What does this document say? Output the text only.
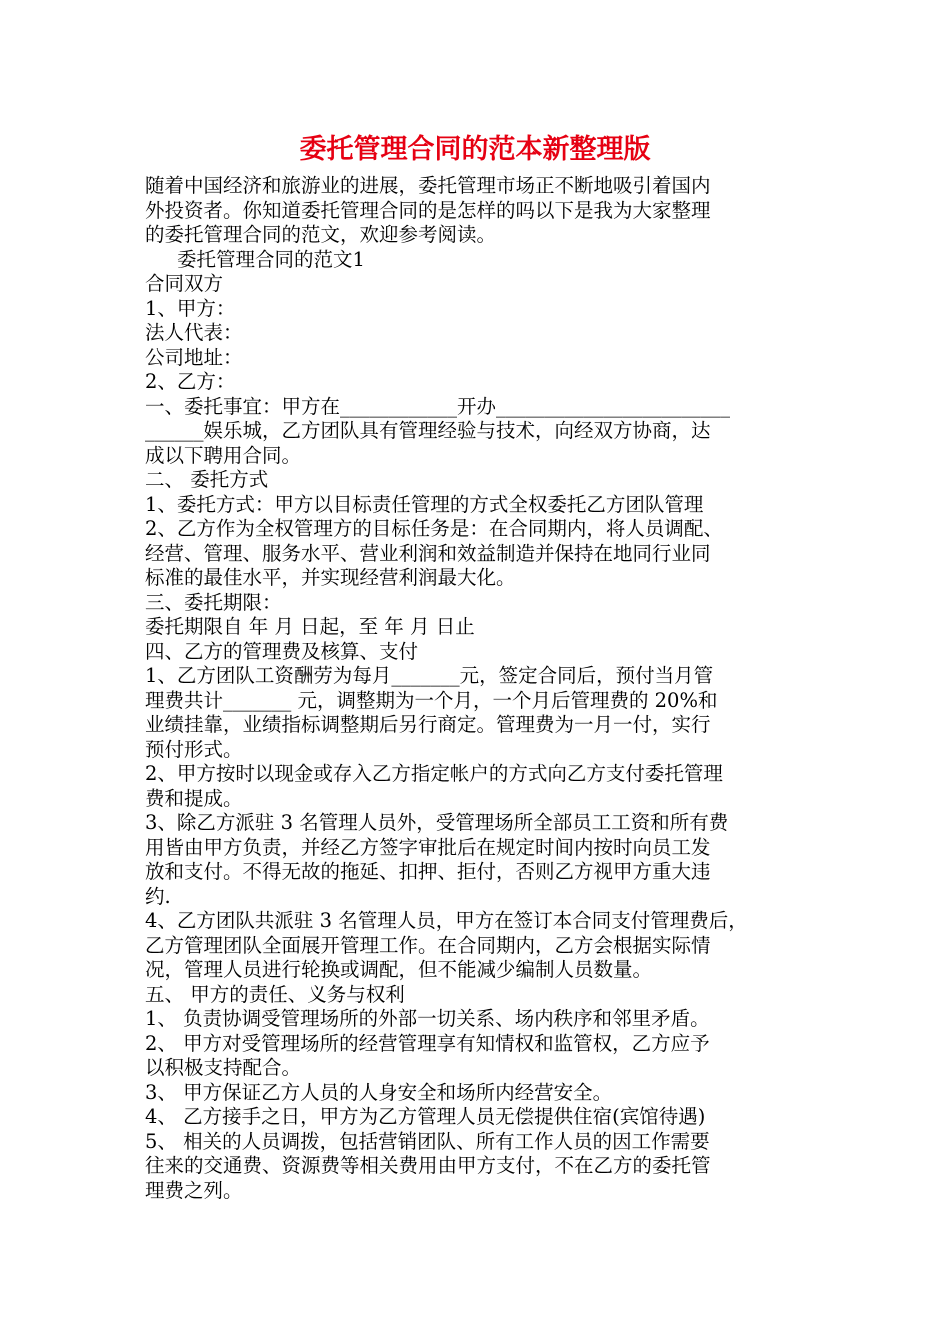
委托管理合同的范本新整理版

随着中国经济和旅游业的进展，委托管理市场正不断地吸引着国内

外投资者。你知道委托管理合同的是怎样的吗以下是我为大家整理

的委托管理合同的范文，欢迎参考阅读。

委托管理合同的范文1

合同双方

1、甲方：

法人代表：

公司地址：

2、乙方：

一、委托事宜：甲方在____________开办________________________

______娱乐城，乙方团队具有管理经验与技术，向经双方协商，达

成以下聘用合同。

二、 委托方式

1、委托方式：甲方以目标责任管理的方式全权委托乙方团队管理

2、乙方作为全权管理方的目标任务是：在合同期内，将人员调配、

经营、管理、服务水平、营业利润和效益制造并保持在地同行业同

标准的最佳水平，并实现经营利润最大化。

三、委托期限：

委托期限自 年 月 日起，至 年 月 日止

四、乙方的管理费及核算、支付

1、乙方团队工资酬劳为每月_______元，签定合同后，预付当月管

理费共计_______ 元，调整期为一个月，一个月后管理费的 20%和

业绩挂靠，业绩指标调整期后另行商定。管理费为一月一付，实行

预付形式。

2、甲方按时以现金或存入乙方指定帐户的方式向乙方支付委托管理

费和提成。

3、除乙方派驻 3 名管理人员外，受管理场所全部员工工资和所有费

用皆由甲方负责，并经乙方签字审批后在规定时间内按时向员工发

放和支付。不得无故的拖延、扣押、拒付，否则乙方视甲方重大违

约.

4、乙方团队共派驻 3 名管理人员，甲方在签订本合同支付管理费后，

乙方管理团队全面展开管理工作。在合同期内，乙方会根据实际情

况，管理人员进行轮换或调配，但不能减少编制人员数量。

五、 甲方的责任、义务与权利

1、 负责协调受管理场所的外部一切关系、场内秩序和邻里矛盾。

2、 甲方对受管理场所的经营管理享有知情权和监管权，乙方应予

以积极支持配合。

3、 甲方保证乙方人员的人身安全和场所内经营安全。

4、 乙方接手之日，甲方为乙方管理人员无偿提供住宿(宾馆待遇)

5、 相关的人员调拨，包括营销团队、所有工作人员的因工作需要

往来的交通费、资源费等相关费用由甲方支付，不在乙方的委托管

理费之列。
